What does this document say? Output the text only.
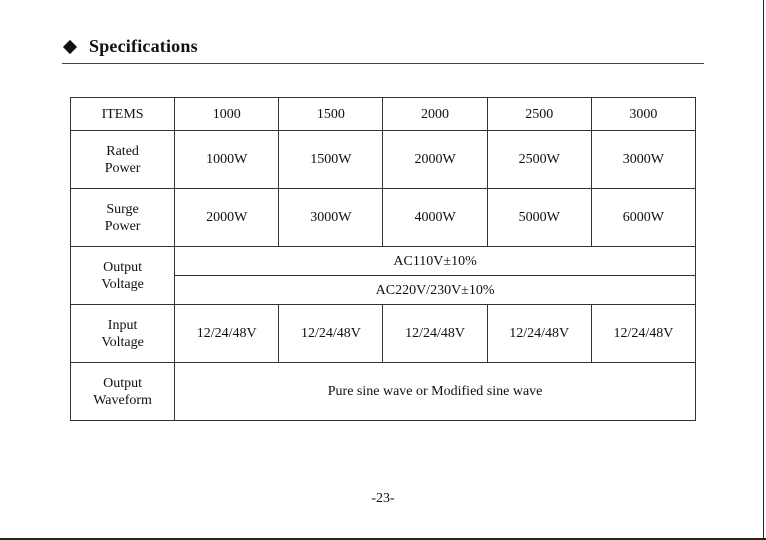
Specifications
ITEMS	1000	1500	2000	2500	3000

Rated
Power	1000W	1500W	2000W	2500W	3000W

Surge
Power	2000W	3000W	4000W	5000W	6000W

Output
Voltage	AC110V±10%				
	AC220V/230V±10%				

Input
Voltage	12/24/48V	12/24/48V	12/24/48V	12/24/48V	12/24/48V

Output
Waveform	Pure sine wave or Modified sine wave				
-23-
